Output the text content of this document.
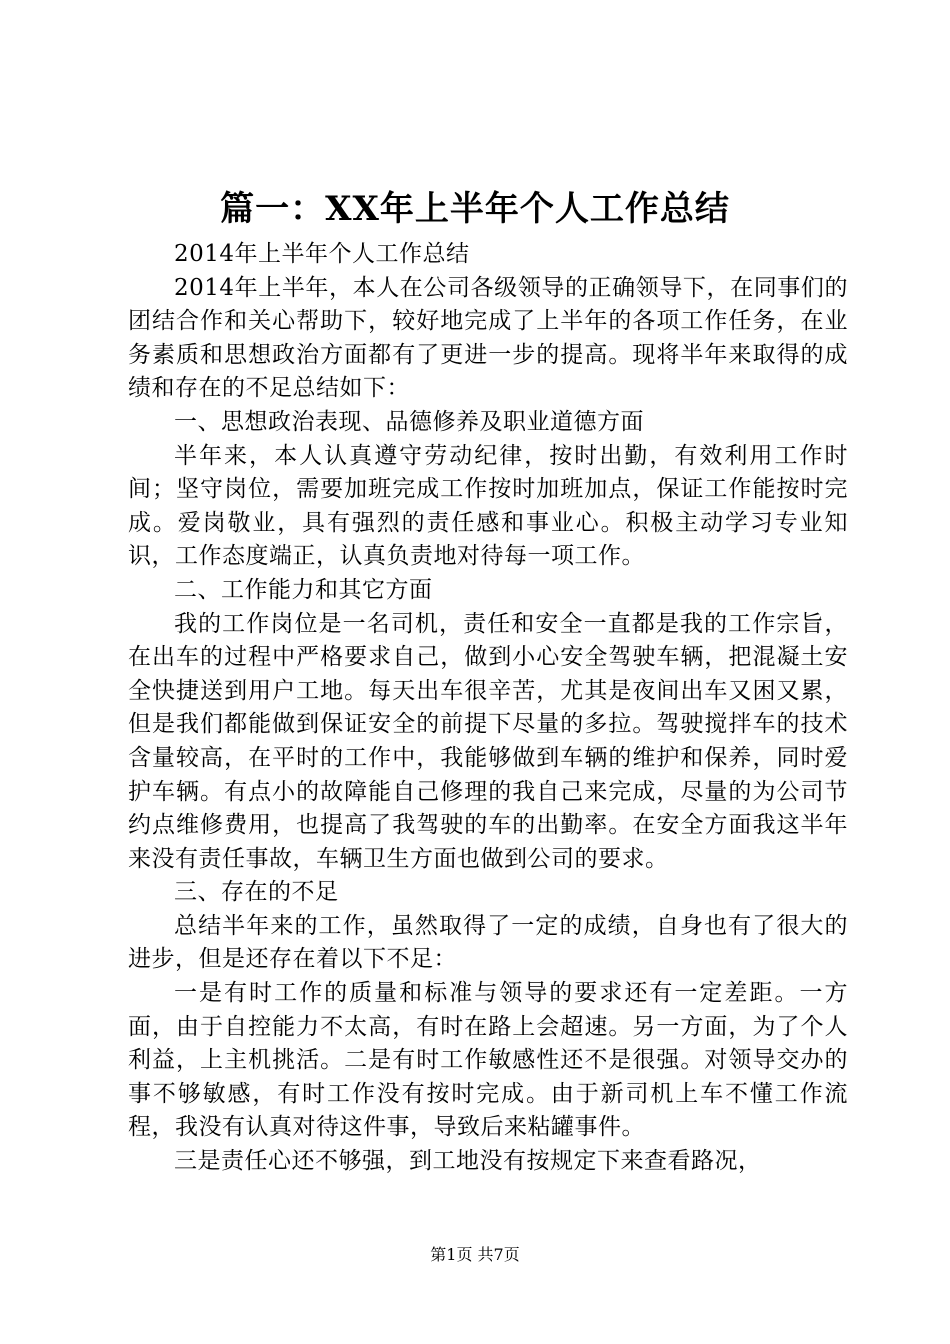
篇一：XX年上半年个人工作总结

2014年上半年个人工作总结

2014年上半年，本人在公司各级领导的正确领导下，在同事们的团结合作和关心帮助下，较好地完成了上半年的各项工作任务，在业务素质和思想政治方面都有了更进一步的提高。现将半年来取得的成绩和存在的不足总结如下：

一、思想政治表现、品德修养及职业道德方面

半年来，本人认真遵守劳动纪律，按时出勤，有效利用工作时间；坚守岗位，需要加班完成工作按时加班加点，保证工作能按时完成。爱岗敬业，具有强烈的责任感和事业心。积极主动学习专业知识，工作态度端正，认真负责地对待每一项工作。

二、工作能力和其它方面

我的工作岗位是一名司机，责任和安全一直都是我的工作宗旨，在出车的过程中严格要求自己，做到小心安全驾驶车辆，把混凝土安全快捷送到用户工地。每天出车很辛苦，尤其是夜间出车又困又累，但是我们都能做到保证安全的前提下尽量的多拉。驾驶搅拌车的技术含量较高，在平时的工作中，我能够做到车辆的维护和保养，同时爱护车辆。有点小的故障能自己修理的我自己来完成，尽量的为公司节约点维修费用，也提高了我驾驶的车的出勤率。在安全方面我这半年来没有责任事故，车辆卫生方面也做到公司的要求。

三、存在的不足

总结半年来的工作，虽然取得了一定的成绩，自身也有了很大的进步，但是还存在着以下不足：

一是有时工作的质量和标准与领导的要求还有一定差距。一方面，由于自控能力不太高，有时在路上会超速。另一方面，为了个人利益，上主机挑活。二是有时工作敏感性还不是很强。对领导交办的事不够敏感，有时工作没有按时完成。由于新司机上车不懂工作流程，我没有认真对待这件事，导致后来粘罐事件。

三是责任心还不够强，到工地没有按规定下来查看路况，

第1页 共7页
